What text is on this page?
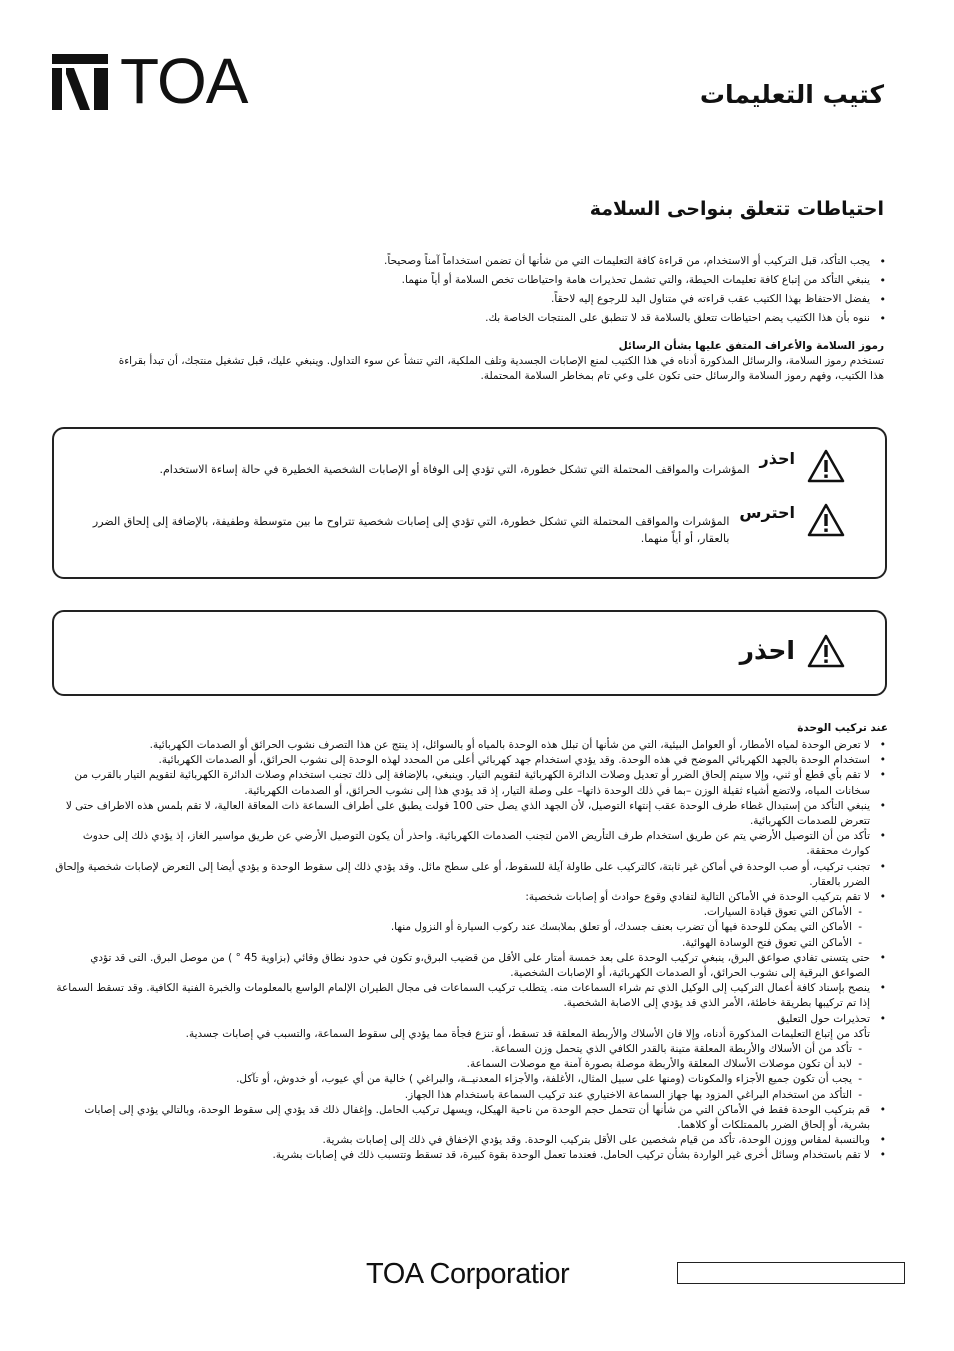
TOA	كتيب التعليمات
احتياطات تتعلق بنواحى السلامة
• يجب التأكد، قبل التركيب أو الاستخدام، من قراءة كافة التعليمات التي من شأنها أن تضمن استخداماً آمناً وصحيحاً.
• ينبغي التأكد من إتباع كافة تعليمات الحيطة، والتي تشمل تحذيرات هامة واحتياطات تخص السلامة أو أياً منهما.
• يفضل الاحتفاظ بهذا الكتيب عقب قراءته في متناول اليد للرجوع إليه لاحقاً.
• ننوه بأن هذا الكتيب يضم احتياطات تتعلق بالسلامة قد لا تنطبق على المنتجات الخاصة بك.
رموز السلامة والأعراف المتفق عليها بشأن الرسائل
تستخدم رموز السلامة، والرسائل المذكورة أدناه في هذا الكتيب لمنع الإصابات الجسدية وتلف الملكية، التي تنشأ عن سوء التداول. وينبغي عليك، قبل تشغيل منتجك، أن تبدأ بقراءة هذا الكتيب، وفهم رموز السلامة والرسائل حتى تكون على وعي تام بمخاطر السلامة المحتملة.
احذر
المؤشرات والمواقف المحتملة التي تشكل خطورة، التي تؤدي إلى الوفاة أو الإصابات الشخصية الخطيرة في حالة إساءة الاستخدام.
احترس
المؤشرات والمواقف المحتملة التي تشكل خطورة، التي تؤدي إلى إصابات شخصية تتراوح ما بين متوسطة وطفيفة، بالإضافة إلى إلحاق الضرر بالعقار، أو أياً منهما.
احذر
عند تركيب الوحدة
• لا تعرض الوحدة لمياه الأمطار، أو العوامل البيئية، التي من شأنها أن تبلل هذه الوحدة بالمياه أو بالسوائل، إذ ينتج عن هذا التصرف نشوب الحرائق أو الصدمات الكهربائية.
• استخدام الوحدة بالجهد الكهربائي الموضح في هذه الوحدة. وقد يؤدي استخدام جهد كهربائي أعلى من المحدد لهذه الوحدة إلى نشوب الحرائق، أو الصدمات الكهربائية.
• لا تقم بأي قطع أو ثني، وإلا سيتم إلحاق الضرر أو تعديل وصلات الدائرة الكهربائية لتقويم التيار. وينبغي، بالإضافة إلى ذلك تجنب استخدام وصلات الدائرة الكهربائية لتقويم التيار بالقرب من سخانات المياه، ولاتضع أشياء ثقيلة الوزن –بما في ذلك الوحدة ذاتها– على وصلة التيار، إذ قد يؤدي هذا إلى نشوب الحرائق، أو الصدمات الكهربائية.
• ينبغي التأكد من إستبدال غطاء طرف الوحدة عقب إنتهاء التوصيل، لأن الجهد الذي يصل حتى 100 فولت يطبق على أطراف السماعة ذات المعاقة العالية، لا تقم بلمس هذه الاطراف حتى لا تتعرض للصدمات الكهربائية.
• تأكد من أن التوصيل الأرضي يتم عن طريق استخدام طرف التأريض الامن لتجنب الصدمات الكهربائية. واحذر أن يكون التوصيل الأرضي عن طريق مواسير الغاز، إذ يؤدي ذلك إلى حدوث كوارث محققة.
• تجنب تركيب، أو صب الوحدة في أماكن غير ثابتة، كالتركيب على طاولة آيلة للسقوط، أو على سطح مائل. وقد يؤدي ذلك إلى سقوط الوحدة و يؤدي أيضا إلى التعرض لإصابات شخصية وإلحاق الضرر بالعقار.
• لا تقم بتركيب الوحدة في الأماكن التالية لتفادي وقوع حوادث أو إصابات شخصية:
- الأماكن التي تعوق قيادة السيارات.
- الأماكن التي يمكن للوحدة فيها أن تضرب بعنف جسدك، أو تعلق بملابسك عند ركوب السيارة أو النزول منها.
- الأماكن التي تعوق فتح الوسادة الهوائية.
• حتى يتسنى تفادي صواعق البرق، ينبغي تركيب الوحدة على بعد خمسة أمتار على الأقل من قضيب البرق،و تكون في حدود نطاق وقائي (بزاوية 45 ° ) من موصل البرق. التى قد تؤدي الصواعق البرقية إلى نشوب الحرائق، أو الصدمات الكهربائية، أو الإصابات الشخصية.
• ينصح بإسناد كافة أعمال التركيب إلى الوكيل الذي تم شراء السماعات منه. يتطلب تركيب السماعات فى مجال الطيران الإلمام الواسع بالمعلومات والخبرة الفنية الكافية. وقد تسقط السماعة إذا تم تركيبها بطريقة خاطئة، الأمر الذي قد يؤدي إلى الاصابة الشخصية.
• تحذيرات حول التعليق
تأكد من إتباع التعليمات المذكورة أدناه، وإلا فان الأسلاك والأربطة المعلقة قد تسقط، أو تنزع فجأة مما يؤدي إلى سقوط السماعة، والتسبب في إصابات جسدية.
- تأكد من أن الأسلاك والأربطة المعلقة متينة بالقدر الكافي الذي يتحمل وزن السماعة.
- لابد أن تكون موصلات الأسلاك المعلقة والأربطة موصلة بصورة آمنة مع موصلات السماعة.
- يجب أن تكون جميع الأجزاء والمكونات (ومنها على سبيل المثال، الأغلفة، والأجزاء المعدنيــة، والبراغي ) خالية من أي عيوب، أو خدوش، أو تآكل.
- التأكد من استخدام البراغي المزود بها جهاز السماعة الاختياري عند تركيب السماعة باستخدام هذا الجهاز.
• قم بتركيب الوحدة فقط في الأماكن التي من شأنها أن تتحمل حجم الوحدة من ناحية الهيكل، ويسهل تركيب الحامل. وإغفال ذلك قد يؤدي إلى سقوط الوحدة، وبالتالي يؤدي إلى إصابات بشرية، أو إلحاق الضرر بالممتلكات أو كلاهما.
• وبالنسبة لمقاس ووزن الوحدة، تأكد من قيام شخصين على الأقل بتركيب الوحدة. وقد يؤدي الإخفاق في ذلك إلى إصابات بشرية.
• لا تقم باستخدام وسائل أخرى غير الواردة بشأن تركيب الحامل. فعندما تعمل الوحدة بقوة كبيرة، قد تسقط وتتسبب ذلك في إصابات بشرية.
TOA Corporatior
